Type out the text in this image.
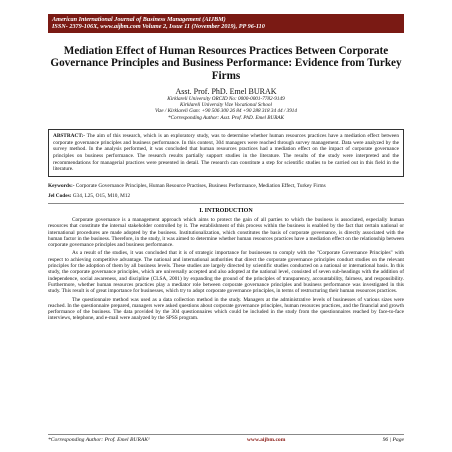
American International Journal of Business Management (AIJBM)
ISSN- 2379-106X, www.aijbm.com Volume 2, Issue 11 (November 2019), PP 96-110
Mediation Effect of Human Resources Practices Between Corporate Governance Principles and Business Performance: Evidence from Turkey Firms
Asst. Prof. PhD. Emel BURAK
Kirklareli University ORCID No: 0000-0001-7782-9149
Kirklareli University Vize Vocational School
Vize / Kirklareli Gsm: +90 506 300 26 84 +90 288 318 34 44 / 3914
*Corresponding Author: Asst. Prof. PhD. Emel BURAK
ABSTRACT:- The aim of this research, which is an exploratory study, was to determine whether human resources practices have a mediation effect between corporate governance principles and business performance. In this context, 304 managers were reached through survey management. Data were analyzed by the survey method. In the analysis performed, it was concluded that human resources practices had a mediation effect on the impact of corporate governance principles on business performance. The research results partially support studies in the literature. The results of the study were interpreted and the recommendations for managerial practices were presented in detail. The research can constitute a step for scientific studies to be carried out in this field in the literature.
Keywords:- Corporate Governance Principles, Human Resource Practises, Business Performance, Mediation Effect, Turkey Firms
Jel Codes: G34, L25, O15, M10, M12
I. INTRODUCTION
Corporate governance is a management approach which aims to protect the gain of all parties to which the business is associated, especially human resources that constitute the internal stakeholder controlled by it. The establishment of this process within the business is enabled by the fact that certain national or international procedures are made adopted by the business. Institutionalization, which constitutes the basis of corporate governance, is directly associated with the human factor in the business. Therefore, in the study, it was aimed to determine whether human resources practices have a mediation effect on the relationship between corporate governance principles and business performance.
As a result of the studies, it was concluded that it is of strategic importance for businesses to comply with the "Corporate Governance Principles" with respect to achieving competitive advantage. The national and international authorities that direct the corporate governance principles conduct studies on the relevant principles for the adoption of them by all business levels. These studies are largely directed by scientific studies conducted on a national or international basis. In this study, the corporate governance principles, which are universally accepted and also adopted at the national level, consisted of seven sub-headings with the addition of independence, social awareness, and discipline (CLSA, 2001) by expanding the ground of the principles of transparency, accountability, fairness, and responsibility. Furthermore, whether human resources practices play a mediator role between corporate governance principles and business performance was investigated in this study. This result is of great importance for businesses, which try to adopt corporate governance principles, in terms of restructuring their human resources practices.
The questionnaire method was used as a data collection method in the study. Managers at the administrative levels of businesses of various sizes were reached. In the questionnaire prepared, managers were asked questions about corporate governance principles, human resources practices, and the financial and growth performance of the business. The data provided by the 304 questionnaires which could be included in the study from the questionnaires reached by face-to-face interviews, telephone, and e-mail were analyzed by the SPSS program.
*Corresponding Author: Prof. Emel BURAK¹	www.aijbm.com	96 | Page
